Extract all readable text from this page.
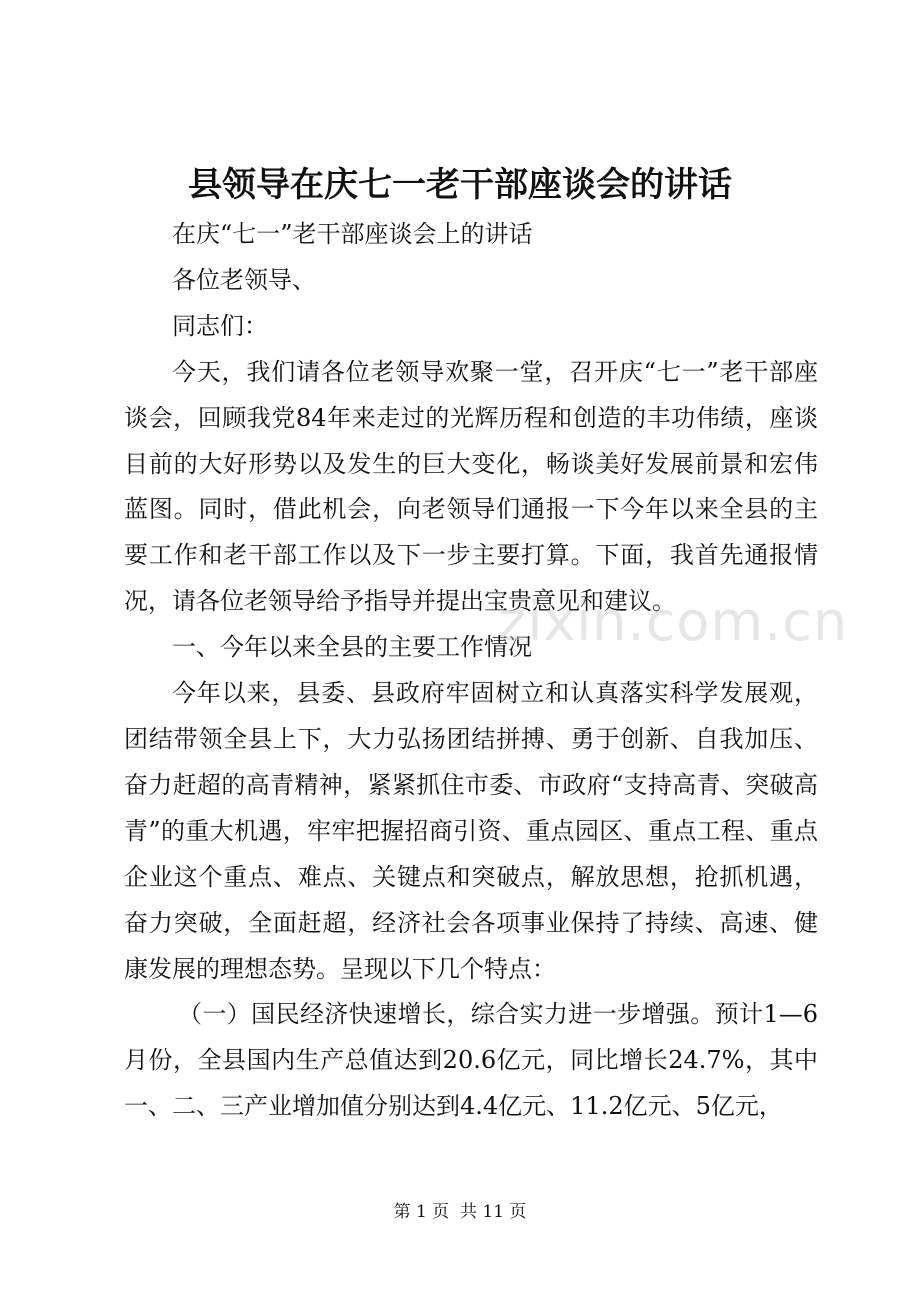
县领导在庆七一老干部座谈会的讲话

在庆“七一”老干部座谈会上的讲话

各位老领导、

同志们：

今天，我们请各位老领导欢聚一堂，召开庆“七一”老干部座谈会，回顾我党84年来走过的光辉历程和创造的丰功伟绩，座谈目前的大好形势以及发生的巨大变化，畅谈美好发展前景和宏伟蓝图。同时，借此机会，向老领导们通报一下今年以来全县的主要工作和老干部工作以及下一步主要打算。下面，我首先通报情况，请各位老领导给予指导并提出宝贵意见和建议。

一、今年以来全县的主要工作情况

今年以来，县委、县政府牢固树立和认真落实科学发展观，团结带领全县上下，大力弘扬团结拼搏、勇于创新、自我加压、奋力赶超的高青精神，紧紧抓住市委、市政府“支持高青、突破高青”的重大机遇，牢牢把握招商引资、重点园区、重点工程、重点企业这个重点、难点、关键点和突破点，解放思想，抢抓机遇，奋力突破，全面赶超，经济社会各项事业保持了持续、高速、健康发展的理想态势。呈现以下几个特点：

（一）国民经济快速增长，综合实力进一步增强。预计1—6月份，全县国内生产总值达到20.6亿元，同比增长24.7%，其中一、二、三产业增加值分别达到4.4亿元、11.2亿元、5亿元，

zixin.com.cn
第 1 页  共 11 页
